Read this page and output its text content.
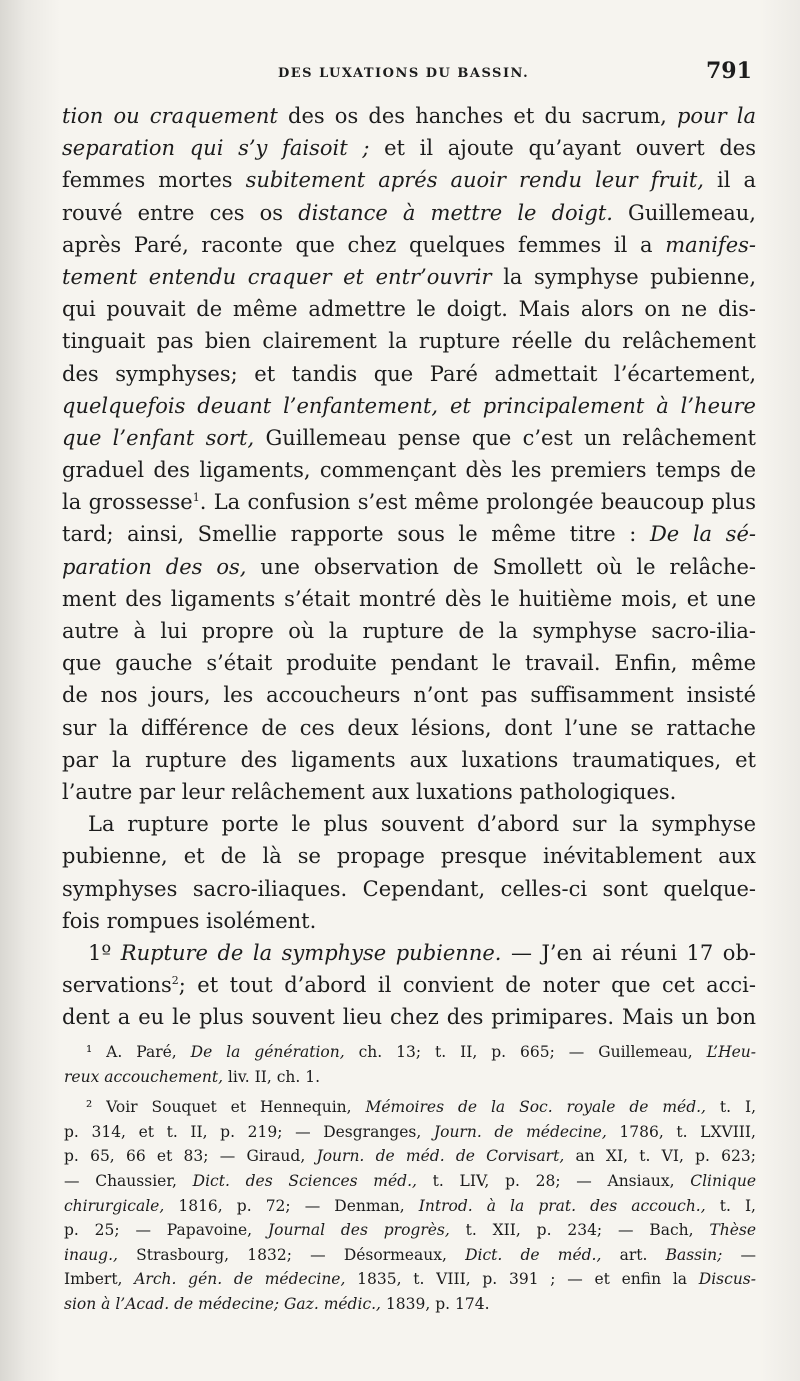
DES LUXATIONS DU BASSIN.	791
tion ou craquement des os des hanches et du sacrum, pour la
separation qui s’y faisoit ; et il ajoute qu’ayant ouvert des
femmes mortes subitement aprés auoir rendu leur fruit, il a
rouvé entre ces os distance à mettre le doigt. Guillemeau,
après Paré, raconte que chez quelques femmes il a manifes-
tement entendu craquer et entr’ouvrir la symphyse pubienne,
qui pouvait de même admettre le doigt. Mais alors on ne dis-
tinguait pas bien clairement la rupture réelle du relâchement
des symphyses; et tandis que Paré admettait l’écartement,
quelquefois deuant l’enfantement, et principalement à l’heure
que l’enfant sort, Guillemeau pense que c’est un relâchement
graduel des ligaments, commençant dès les premiers temps de
la grossesse$^1$. La confusion s’est même prolongée beaucoup plus
tard; ainsi, Smellie rapporte sous le même titre : De la sé-
paration des os, une observation de Smollett où le relâche-
ment des ligaments s’était montré dès le huitième mois, et une
autre à lui propre où la rupture de la symphyse sacro-ilia-
que gauche s’était produite pendant le travail. Enfin, même
de nos jours, les accoucheurs n’ont pas suffisamment insisté
sur la différence de ces deux lésions, dont l’une se rattache
par la rupture des ligaments aux luxations traumatiques, et
l’autre par leur relâchement aux luxations pathologiques.
La rupture porte le plus souvent d’abord sur la symphyse
pubienne, et de là se propage presque inévitablement aux
symphyses sacro-iliaques. Cependant, celles-ci sont quelque-
fois rompues isolément.
1º Rupture de la symphyse pubienne. — J’en ai réuni 17 ob-
servations$^2$; et tout d’abord il convient de noter que cet acci-
dent a eu le plus souvent lieu chez des primipares. Mais un bon
¹ A. Paré, De la génération, ch. 13; t. II, p. 665; — Guillemeau, L’Heu-
reux accouchement, liv. II, ch. 1.
² Voir Souquet et Hennequin, Mémoires de la Soc. royale de méd., t. I,
p. 314, et t. II, p. 219; — Desgranges, Journ. de médecine, 1786, t. LXVIII,
p. 65, 66 et 83; — Giraud, Journ. de méd. de Corvisart, an XI, t. VI, p. 623;
— Chaussier, Dict. des Sciences méd., t. LIV, p. 28; — Ansiaux, Clinique
chirurgicale, 1816, p. 72; — Denman, Introd. à la prat. des accouch., t. I,
p. 25; — Papavoine, Journal des progrès, t. XII, p. 234; — Bach, Thèse
inaug., Strasbourg, 1832; — Désormeaux, Dict. de méd., art. Bassin; —
Imbert, Arch. gén. de médecine, 1835, t. VIII, p. 391 ; — et enfin la Discus-
sion à l’Acad. de médecine; Gaz. médic., 1839, p. 174.
